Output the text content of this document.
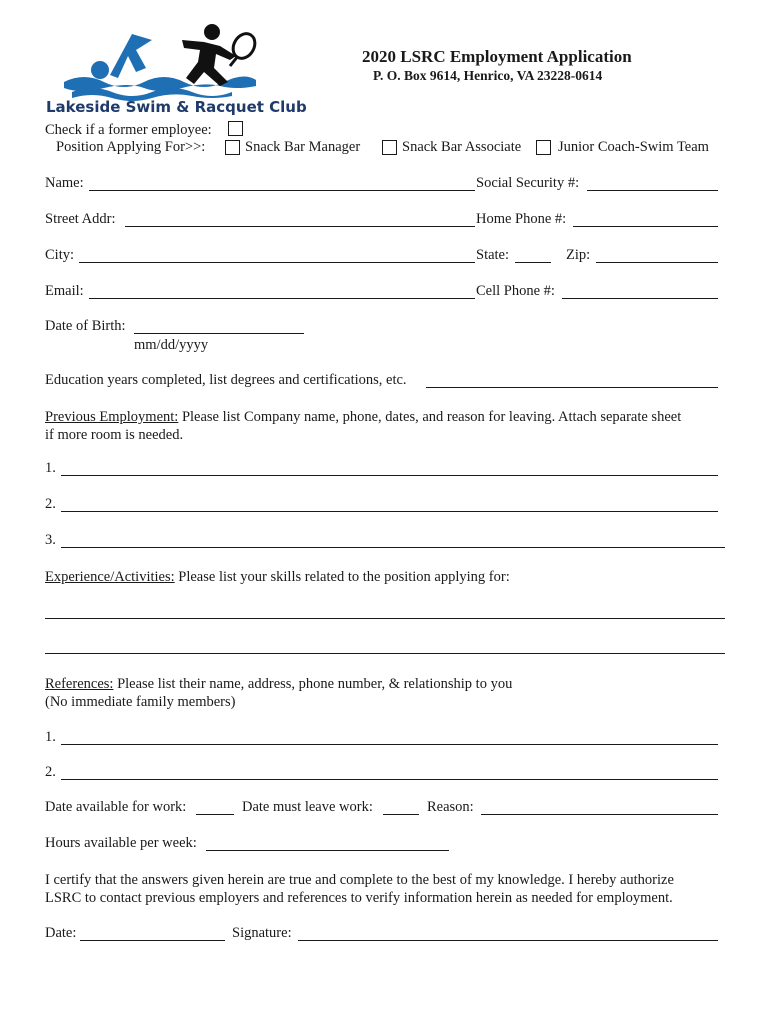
Lakeside Swim & Racquet Club
2020 LSRC Employment Application
P. O. Box 9614, Henrico, VA 23228-0614
Check if a former employee:
Position Applying For>>:	Snack Bar Manager	Snack Bar Associate	Junior Coach-Swim Team
Name:	Social Security #:
Street Addr:	Home Phone #:
City:	State:	Zip:
Email:	Cell Phone #:
Date of Birth:
mm/dd/yyyy
Education years completed, list degrees and certifications, etc.
Previous Employment: Please list Company name, phone, dates, and reason for leaving. Attach separate sheet
if more room is needed.
1.
2.
3.
Experience/Activities: Please list your skills related to the position applying for:
References: Please list their name, address, phone number, & relationship to you
(No immediate family members)
1.
2.
Date available for work:	Date must leave work:	Reason:
Hours available per week:
I certify that the answers given herein are true and complete to the best of my knowledge. I hereby authorize
LSRC to contact previous employers and references to verify information herein as needed for employment.
Date:	Signature:
